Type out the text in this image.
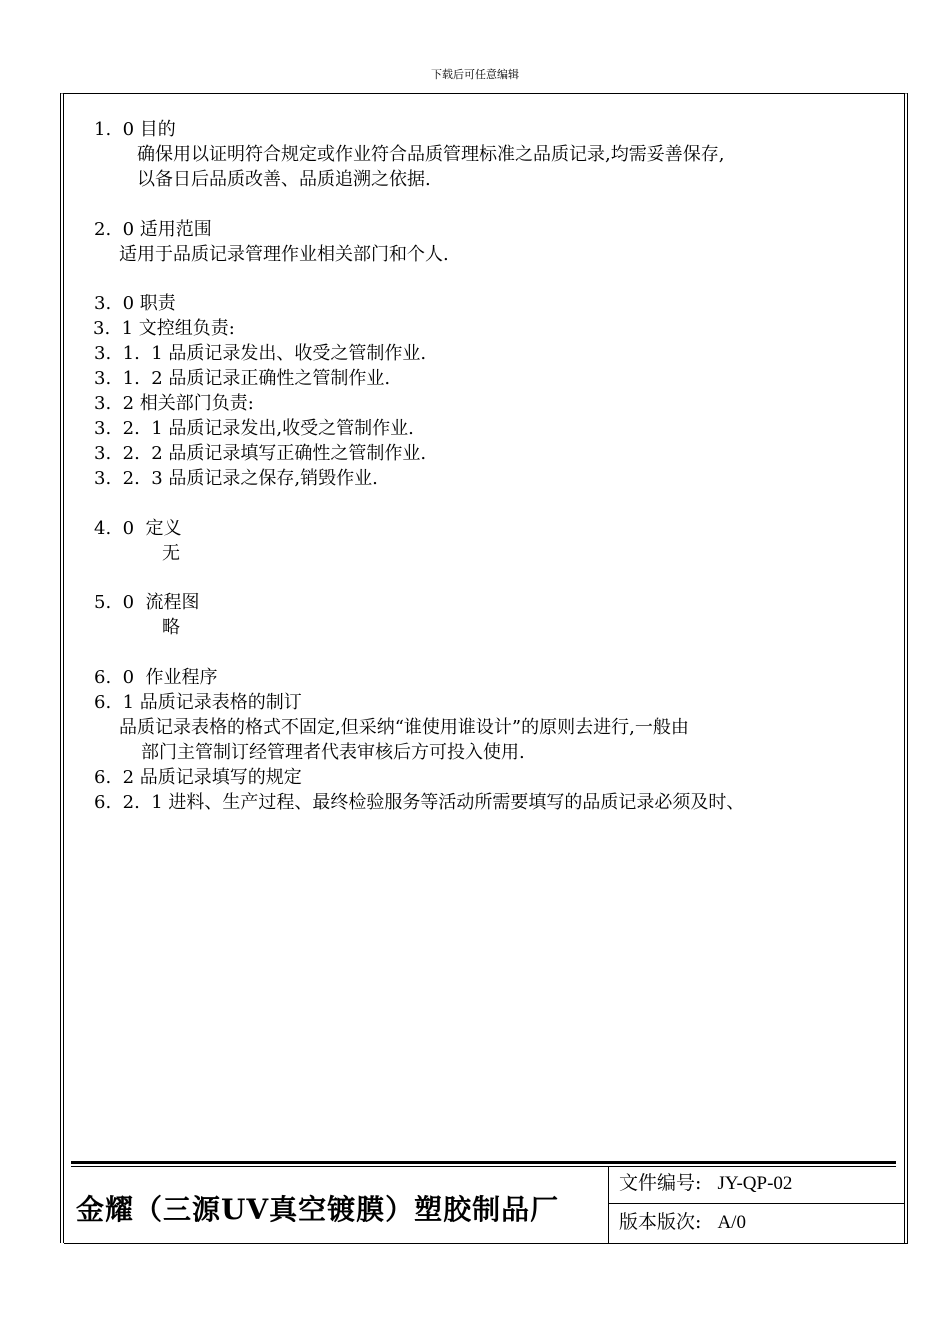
下载后可任意编辑
1.  0 目的
确保用以证明符合规定或作业符合品质管理标准之品质记录,均需妥善保存,
以备日后品质改善、品质追溯之依据.
2.  0 适用范围
适用于品质记录管理作业相关部门和个人.
3.  0 职责
3.  1 文控组负责:
3.  1.  1 品质记录发出、收受之管制作业.
3.  1.  2 品质记录正确性之管制作业.
3.  2 相关部门负责:
3.  2.  1 品质记录发出,收受之管制作业.
3.  2.  2 品质记录填写正确性之管制作业.
3.  2.  3 品质记录之保存,销毁作业.
4.  0  定义
无
5.  0  流程图
略
6.  0  作业程序
6.  1 品质记录表格的制订
品质记录表格的格式不固定,但采纳“谁使用谁设计”的原则去进行,一般由
部门主管制订经管理者代表审核后方可投入使用.
6.  2 品质记录填写的规定
6.  2.  1 进料、生产过程、最终检验服务等活动所需要填写的品质记录必须及时、
金耀（三源UV真空镀膜）塑胶制品厂
文件编号: JY-QP-02
版本版次: A/0
